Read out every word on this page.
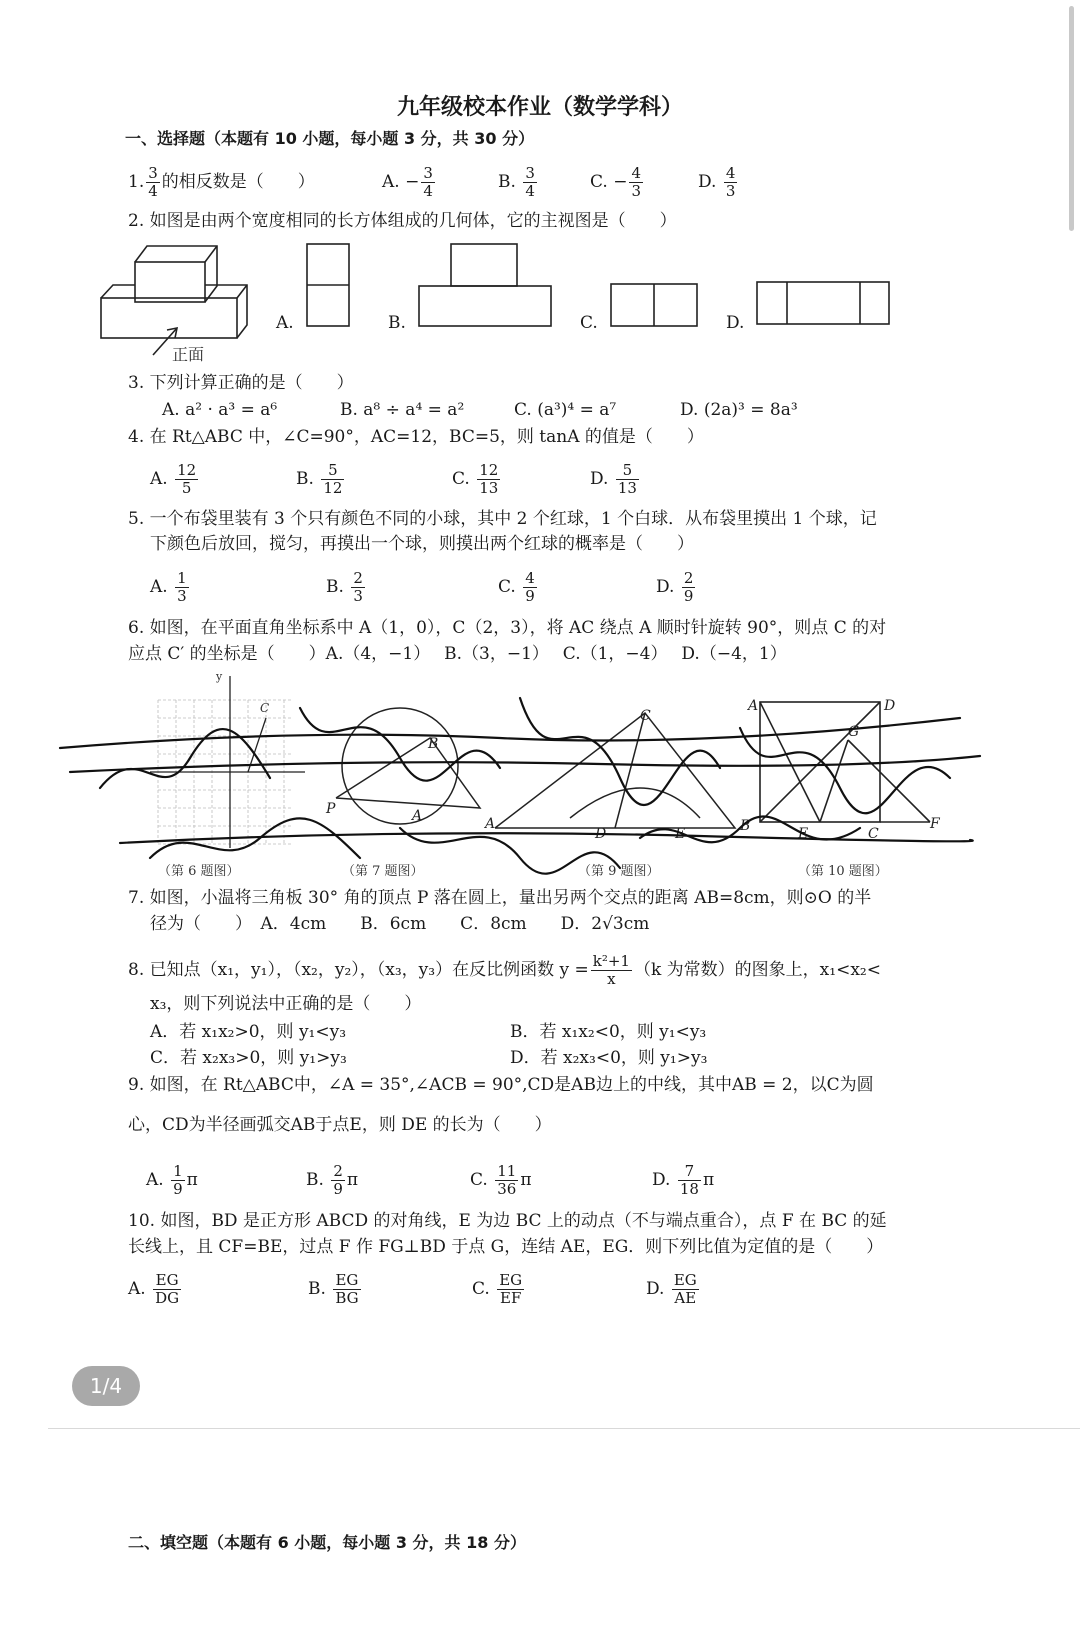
九年级校本作业（数学学科）
一、选择题（本题有 10 小题，每小题 3 分，共 30 分）
1. $\frac{3}{4}$ 的相反数是（　　）	A. − $\frac{3}{4}$	B. $\frac{3}{4}$	C. − $\frac{4}{3}$	D. $\frac{4}{3}$
2. 如图是由两个宽度相同的长方体组成的几何体，它的主视图是（　　）
正面
A.	B.	C.	D.
3. 下列计算正确的是（　　）
A. a² · a³ = a⁶	B. a⁸ ÷ a⁴ = a²	C. (a³)⁴ = a⁷	D. (2a)³ = 8a³
4. 在 Rt△ABC 中，∠C=90°，AC=12，BC=5，则 tanA 的值是（　　）
A. $\frac{12}{5}$	B. $\frac{5}{12}$	C. $\frac{12}{13}$	D. $\frac{5}{13}$
5. 一个布袋里装有 3 个只有颜色不同的小球，其中 2 个红球，1 个白球．从布袋里摸出 1 个球，记
下颜色后放回，搅匀，再摸出一个球，则摸出两个红球的概率是（　　）
A. $\frac{1}{3}$	B. $\frac{2}{3}$	C. $\frac{4}{9}$	D. $\frac{2}{9}$
6. 如图，在平面直角坐标系中 A（1，0），C（2，3），将 AC 绕点 A 顺时针旋转 90°，则点 C 的对
应点 C′ 的坐标是（　　）A.（4，−1）　 B.（3，−1）　 C.（1，−4）　 D.（−4，1）
y
C
P
B
A	A
C
D	E
A	D
B	E	C
F
G
（第 6 题图）	（第 7 题图）	（第 9 题图）	（第 10 题图）
7. 如图，小温将三角板 30° 角的顶点 P 落在圆上，量出另两个交点的距离 AB=8cm，则⊙O 的半
径为（　　）　A．4cm　　B．6cm　　C．8cm　　D．2√3cm
8. 已知点（x₁，y₁），（x₂，y₂），（x₃，y₃）在反比例函数 $y = \frac{\text{k²+1}}{x} (k$ 为常数）的图象上，x₁<x₂<
x₃，则下列说法中正确的是（　　）
A．若 x₁x₂>0，则 y₁<y₃	B．若 x₁x₂<0，则 y₁<y₃
C．若 x₂x₃>0，则 y₁>y₃	D．若 x₂x₃<0，则 y₁>y₃
9. 如图，在 Rt△ABC中，∠A = 35°,∠ACB = 90°,CD是AB边上的中线，其中AB = 2，以C为圆
心，CD为半径画弧交AB于点E，则 DE 的长为（　　）
A. $\frac{1}{9}$ π	B. $\frac{2}{9}$ π	C. $\frac{11}{36}$ π	D. $\frac{7}{18}$ π
10. 如图，BD 是正方形 ABCD 的对角线，E 为边 BC 上的动点（不与端点重合），点 F 在 BC 的延
长线上，且 CF=BE，过点 F 作 FG⊥BD 于点 G，连结 AE，EG．则下列比值为定值的是（　　）
A. $\frac{EG}{DG}$	B. $\frac{EG}{BG}$	C. $\frac{EG}{EF}$	D. $\frac{EG}{AE}$
1/4
二、填空题（本题有 6 小题，每小题 3 分，共 18 分）
